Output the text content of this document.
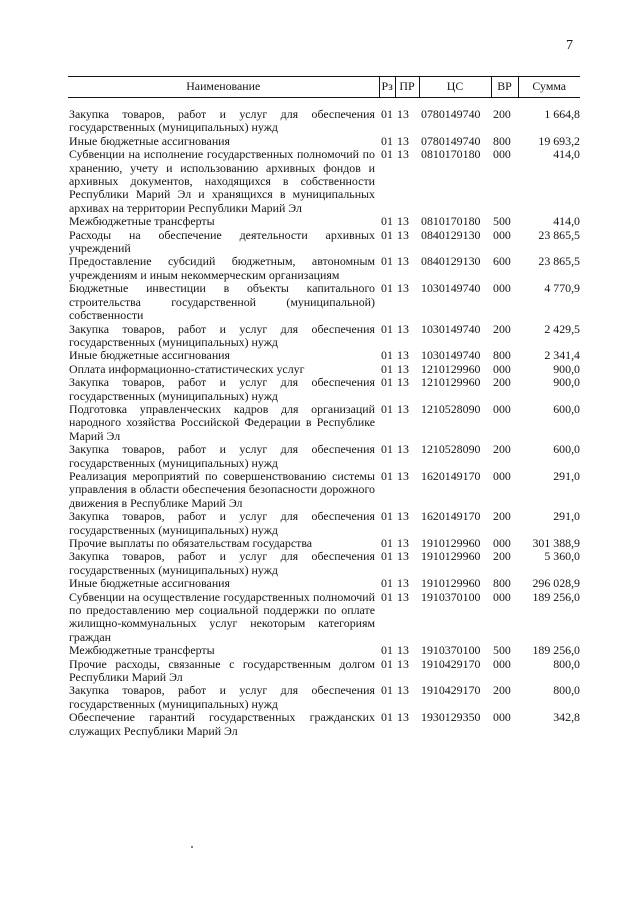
7
Наименование	Рз	ПР	ЦС	ВР	Сумма
Закупка товаров, работ и услуг для обеспечения государственных (муниципальных) нужд	01	13	0780149740	200	1 664,8
Иные бюджетные ассигнования	01	13	0780149740	800	19 693,2
Субвенции на исполнение государственных полномочий по хранению, учету и использованию архивных фондов и архивных документов, находящихся в собственности Республики Марий Эл и хранящихся в муниципальных архивах на территории Республики Марий Эл	01	13	0810170180	000	414,0
Межбюджетные трансферты	01	13	0810170180	500	414,0
Расходы на обеспечение деятельности архивных учреждений	01	13	0840129130	000	23 865,5
Предоставление субсидий бюджетным, автономным учреждениям и иным некоммерческим организациям	01	13	0840129130	600	23 865,5
Бюджетные инвестиции в объекты капитального строительства государственной (муниципальной) собственности	01	13	1030149740	000	4 770,9
Закупка товаров, работ и услуг для обеспечения государственных (муниципальных) нужд	01	13	1030149740	200	2 429,5
Иные бюджетные ассигнования	01	13	1030149740	800	2 341,4
Оплата информационно-статистических услуг	01	13	1210129960	000	900,0
Закупка товаров, работ и услуг для обеспечения государственных (муниципальных) нужд	01	13	1210129960	200	900,0
Подготовка управленческих кадров для организаций народного хозяйства Российской Федерации в Республике Марий Эл	01	13	1210528090	000	600,0
Закупка товаров, работ и услуг для обеспечения государственных (муниципальных) нужд	01	13	1210528090	200	600,0
Реализация мероприятий по совершенствованию системы управления в области обеспечения безопасности дорожного движения в Республике Марий Эл	01	13	1620149170	000	291,0
Закупка товаров, работ и услуг для обеспечения государственных (муниципальных) нужд	01	13	1620149170	200	291,0
Прочие выплаты по обязательствам государства	01	13	1910129960	000	301 388,9
Закупка товаров, работ и услуг для обеспечения государственных (муниципальных) нужд	01	13	1910129960	200	5 360,0
Иные бюджетные ассигнования	01	13	1910129960	800	296 028,9
Субвенции на осуществление государственных полномочий по предоставлению мер социальной поддержки по оплате жилищно-коммунальных услуг некоторым категориям граждан	01	13	1910370100	000	189 256,0
Межбюджетные трансферты	01	13	1910370100	500	189 256,0
Прочие расходы, связанные с государственным долгом Республики Марий Эл	01	13	1910429170	000	800,0
Закупка товаров, работ и услуг для обеспечения государственных (муниципальных) нужд	01	13	1910429170	200	800,0
Обеспечение гарантий государственных гражданских служащих Республики Марий Эл	01	13	1930129350	000	342,8
